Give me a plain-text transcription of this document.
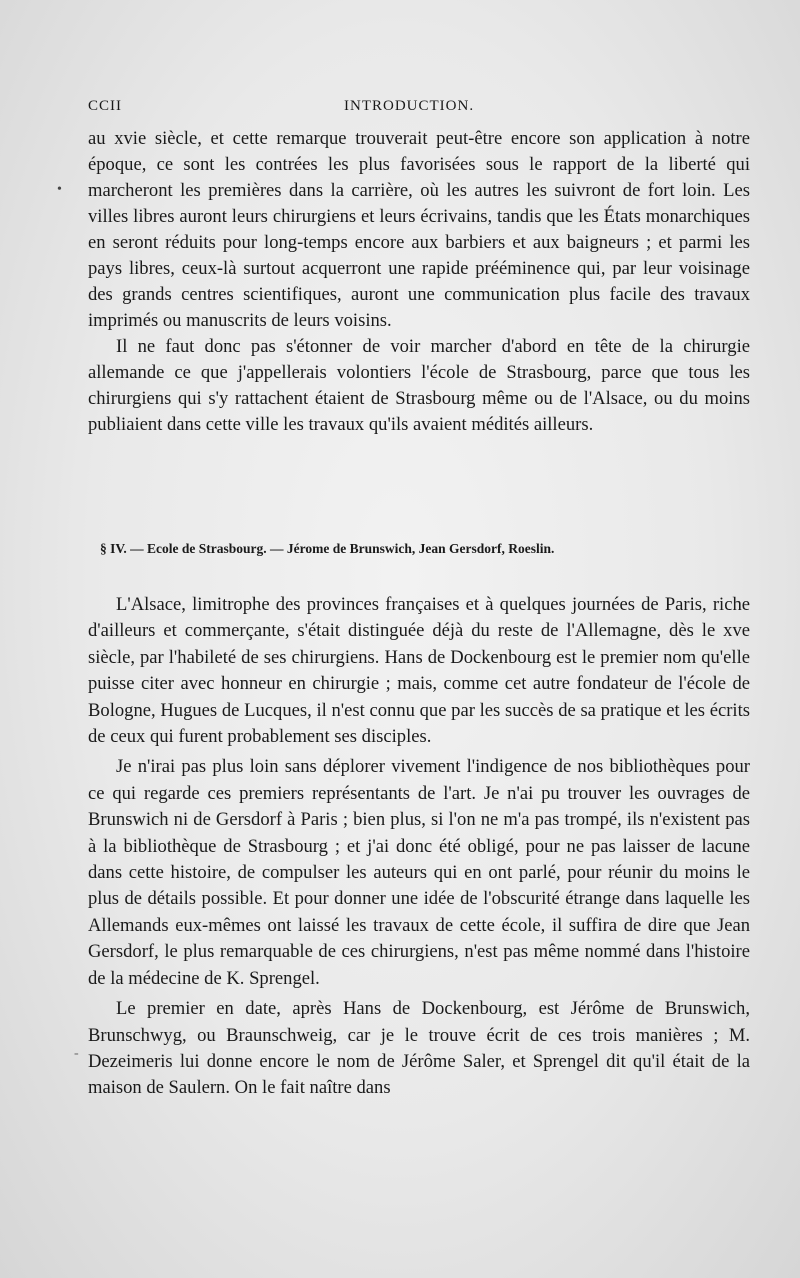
•
-
CCII	INTRODUCTION.

au xvie siècle, et cette remarque trouverait peut-être encore son application à notre époque, ce sont les contrées les plus favorisées sous le rapport de la liberté qui marcheront les premières dans la carrière, où les autres les suivront de fort loin. Les villes libres auront leurs chirurgiens et leurs écrivains, tandis que les États monarchiques en seront réduits pour long-temps encore aux barbiers et aux baigneurs ; et parmi les pays libres, ceux-là surtout acquerront une rapide prééminence qui, par leur voisinage des grands centres scientifiques, auront une communication plus facile des travaux imprimés ou manuscrits de leurs voisins.

Il ne faut donc pas s'étonner de voir marcher d'abord en tête de la chirurgie allemande ce que j'appellerais volontiers l'école de Strasbourg, parce que tous les chirurgiens qui s'y rattachent étaient de Strasbourg même ou de l'Alsace, ou du moins publiaient dans cette ville les travaux qu'ils avaient médités ailleurs.

§ IV. — Ecole de Strasbourg. — Jérome de Brunswich, Jean Gersdorf, Roeslin.

L'Alsace, limitrophe des provinces françaises et à quelques journées de Paris, riche d'ailleurs et commerçante, s'était distinguée déjà du reste de l'Allemagne, dès le xve siècle, par l'habileté de ses chirurgiens. Hans de Dockenbourg est le premier nom qu'elle puisse citer avec honneur en chirurgie ; mais, comme cet autre fondateur de l'école de Bologne, Hugues de Lucques, il n'est connu que par les succès de sa pratique et les écrits de ceux qui furent probablement ses disciples.

Je n'irai pas plus loin sans déplorer vivement l'indigence de nos bibliothèques pour ce qui regarde ces premiers représentants de l'art. Je n'ai pu trouver les ouvrages de Brunswich ni de Gersdorf à Paris ; bien plus, si l'on ne m'a pas trompé, ils n'existent pas à la bibliothèque de Strasbourg ; et j'ai donc été obligé, pour ne pas laisser de lacune dans cette histoire, de compulser les auteurs qui en ont parlé, pour réunir du moins le plus de détails possible. Et pour donner une idée de l'obscurité étrange dans laquelle les Allemands eux-mêmes ont laissé les travaux de cette école, il suffira de dire que Jean Gersdorf, le plus remarquable de ces chirurgiens, n'est pas même nommé dans l'histoire de la médecine de K. Sprengel.

Le premier en date, après Hans de Dockenbourg, est Jérôme de Brunswich, Brunschwyg, ou Braunschweig, car je le trouve écrit de ces trois manières ; M. Dezeimeris lui donne encore le nom de Jérôme Saler, et Sprengel dit qu'il était de la maison de Saulern. On le fait naître dans
